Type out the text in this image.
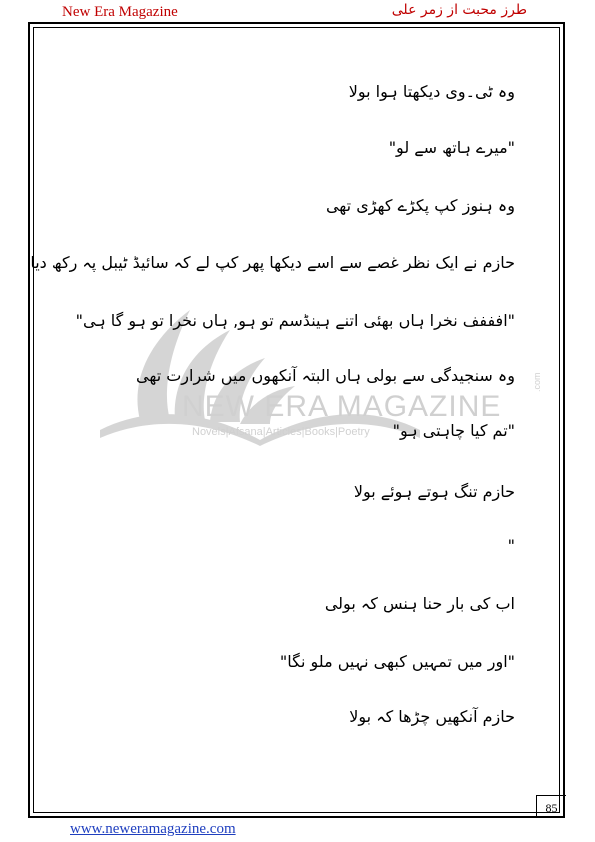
New Era Magazine	طرز محبت از زمر علی
NEW ERA MAGAZINE
Novels|Afsana|Articles|Books|Poetry
.com
وہ ٹی۔وی دیکھتا ہوا بولا
"میرے ہاتھ سے لو"
وہ ہنوز کپ پکڑے کھڑی تھی
حازم نے ایک نظر غصے سے اسے دیکھا پھر کپ لے کہ سائیڈ ٹیبل پہ رکھ دیا
"افففف نخرا ہاں بھئی اتنے ہینڈسم تو ہو, ہاں نخرا تو ہو گا ہی"
وہ سنجیدگی سے بولی ہاں البتہ آنکھوں میں شرارت تھی
"تم کیا چاہتی ہو"
حازم تنگ ہوتے ہوئے بولا
"
اب کی بار حنا ہنس کہ بولی
"اور میں تمہیں کبھی نہیں ملو نگا"
حازم آنکھیں چڑھا کہ بولا
85
www.neweramagazine.com
